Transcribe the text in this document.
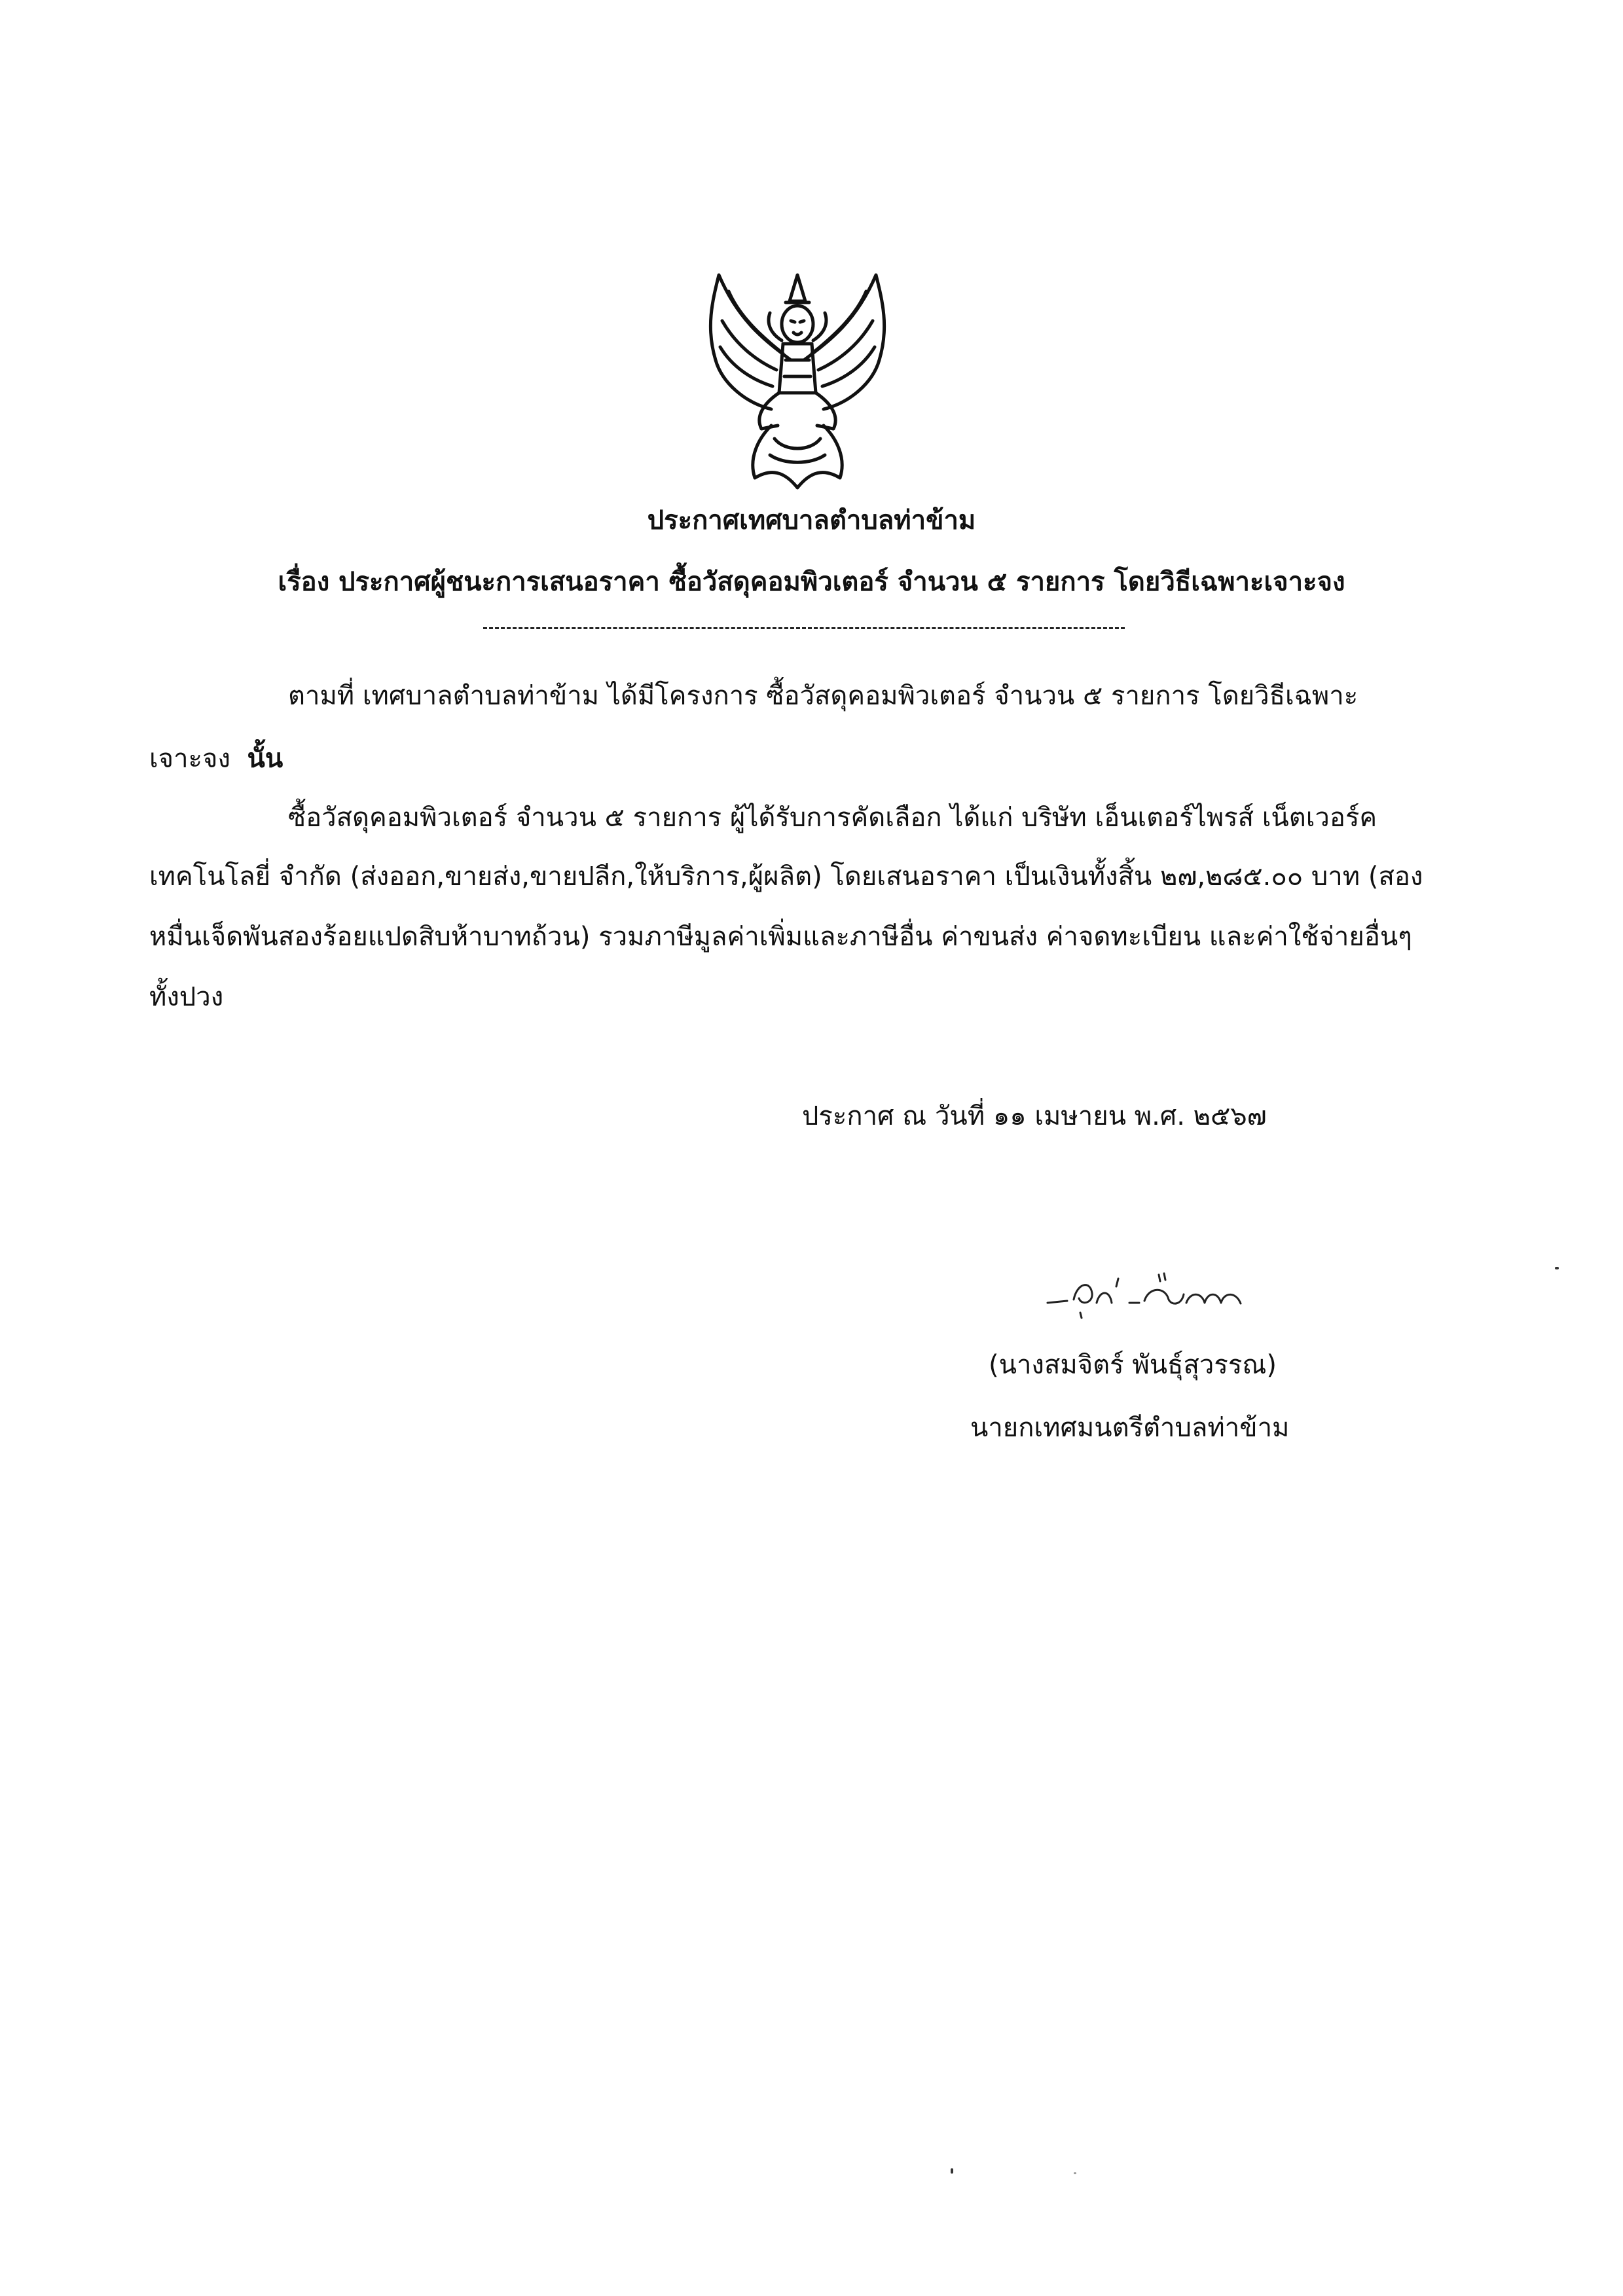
ประกาศเทศบาลตำบลท่าข้าม
เรื่อง ประกาศผู้ชนะการเสนอราคา ซื้อวัสดุคอมพิวเตอร์ จำนวน ๕ รายการ โดยวิธีเฉพาะเจาะจง
ตามที่ เทศบาลตำบลท่าข้าม ได้มีโครงการ ซื้อวัสดุคอมพิวเตอร์ จำนวน ๕ รายการ โดยวิธีเฉพาะ
เจาะจง นั้น
ซื้อวัสดุคอมพิวเตอร์ จำนวน ๕ รายการ ผู้ได้รับการคัดเลือก ได้แก่ บริษัท เอ็นเตอร์ไพรส์ เน็ตเวอร์ค
เทคโนโลยี่ จำกัด (ส่งออก,ขายส่ง,ขายปลีก,ให้บริการ,ผู้ผลิต) โดยเสนอราคา เป็นเงินทั้งสิ้น ๒๗,๒๘๕.๐๐ บาท (สอง
หมื่นเจ็ดพันสองร้อยแปดสิบห้าบาทถ้วน) รวมภาษีมูลค่าเพิ่มและภาษีอื่น ค่าขนส่ง ค่าจดทะเบียน และค่าใช้จ่ายอื่นๆ
ทั้งปวง
ประกาศ ณ วันที่ ๑๑ เมษายน พ.ศ. ๒๕๖๗
(นางสมจิตร์ พันธุ์สุวรรณ)
นายกเทศมนตรีตำบลท่าข้าม
